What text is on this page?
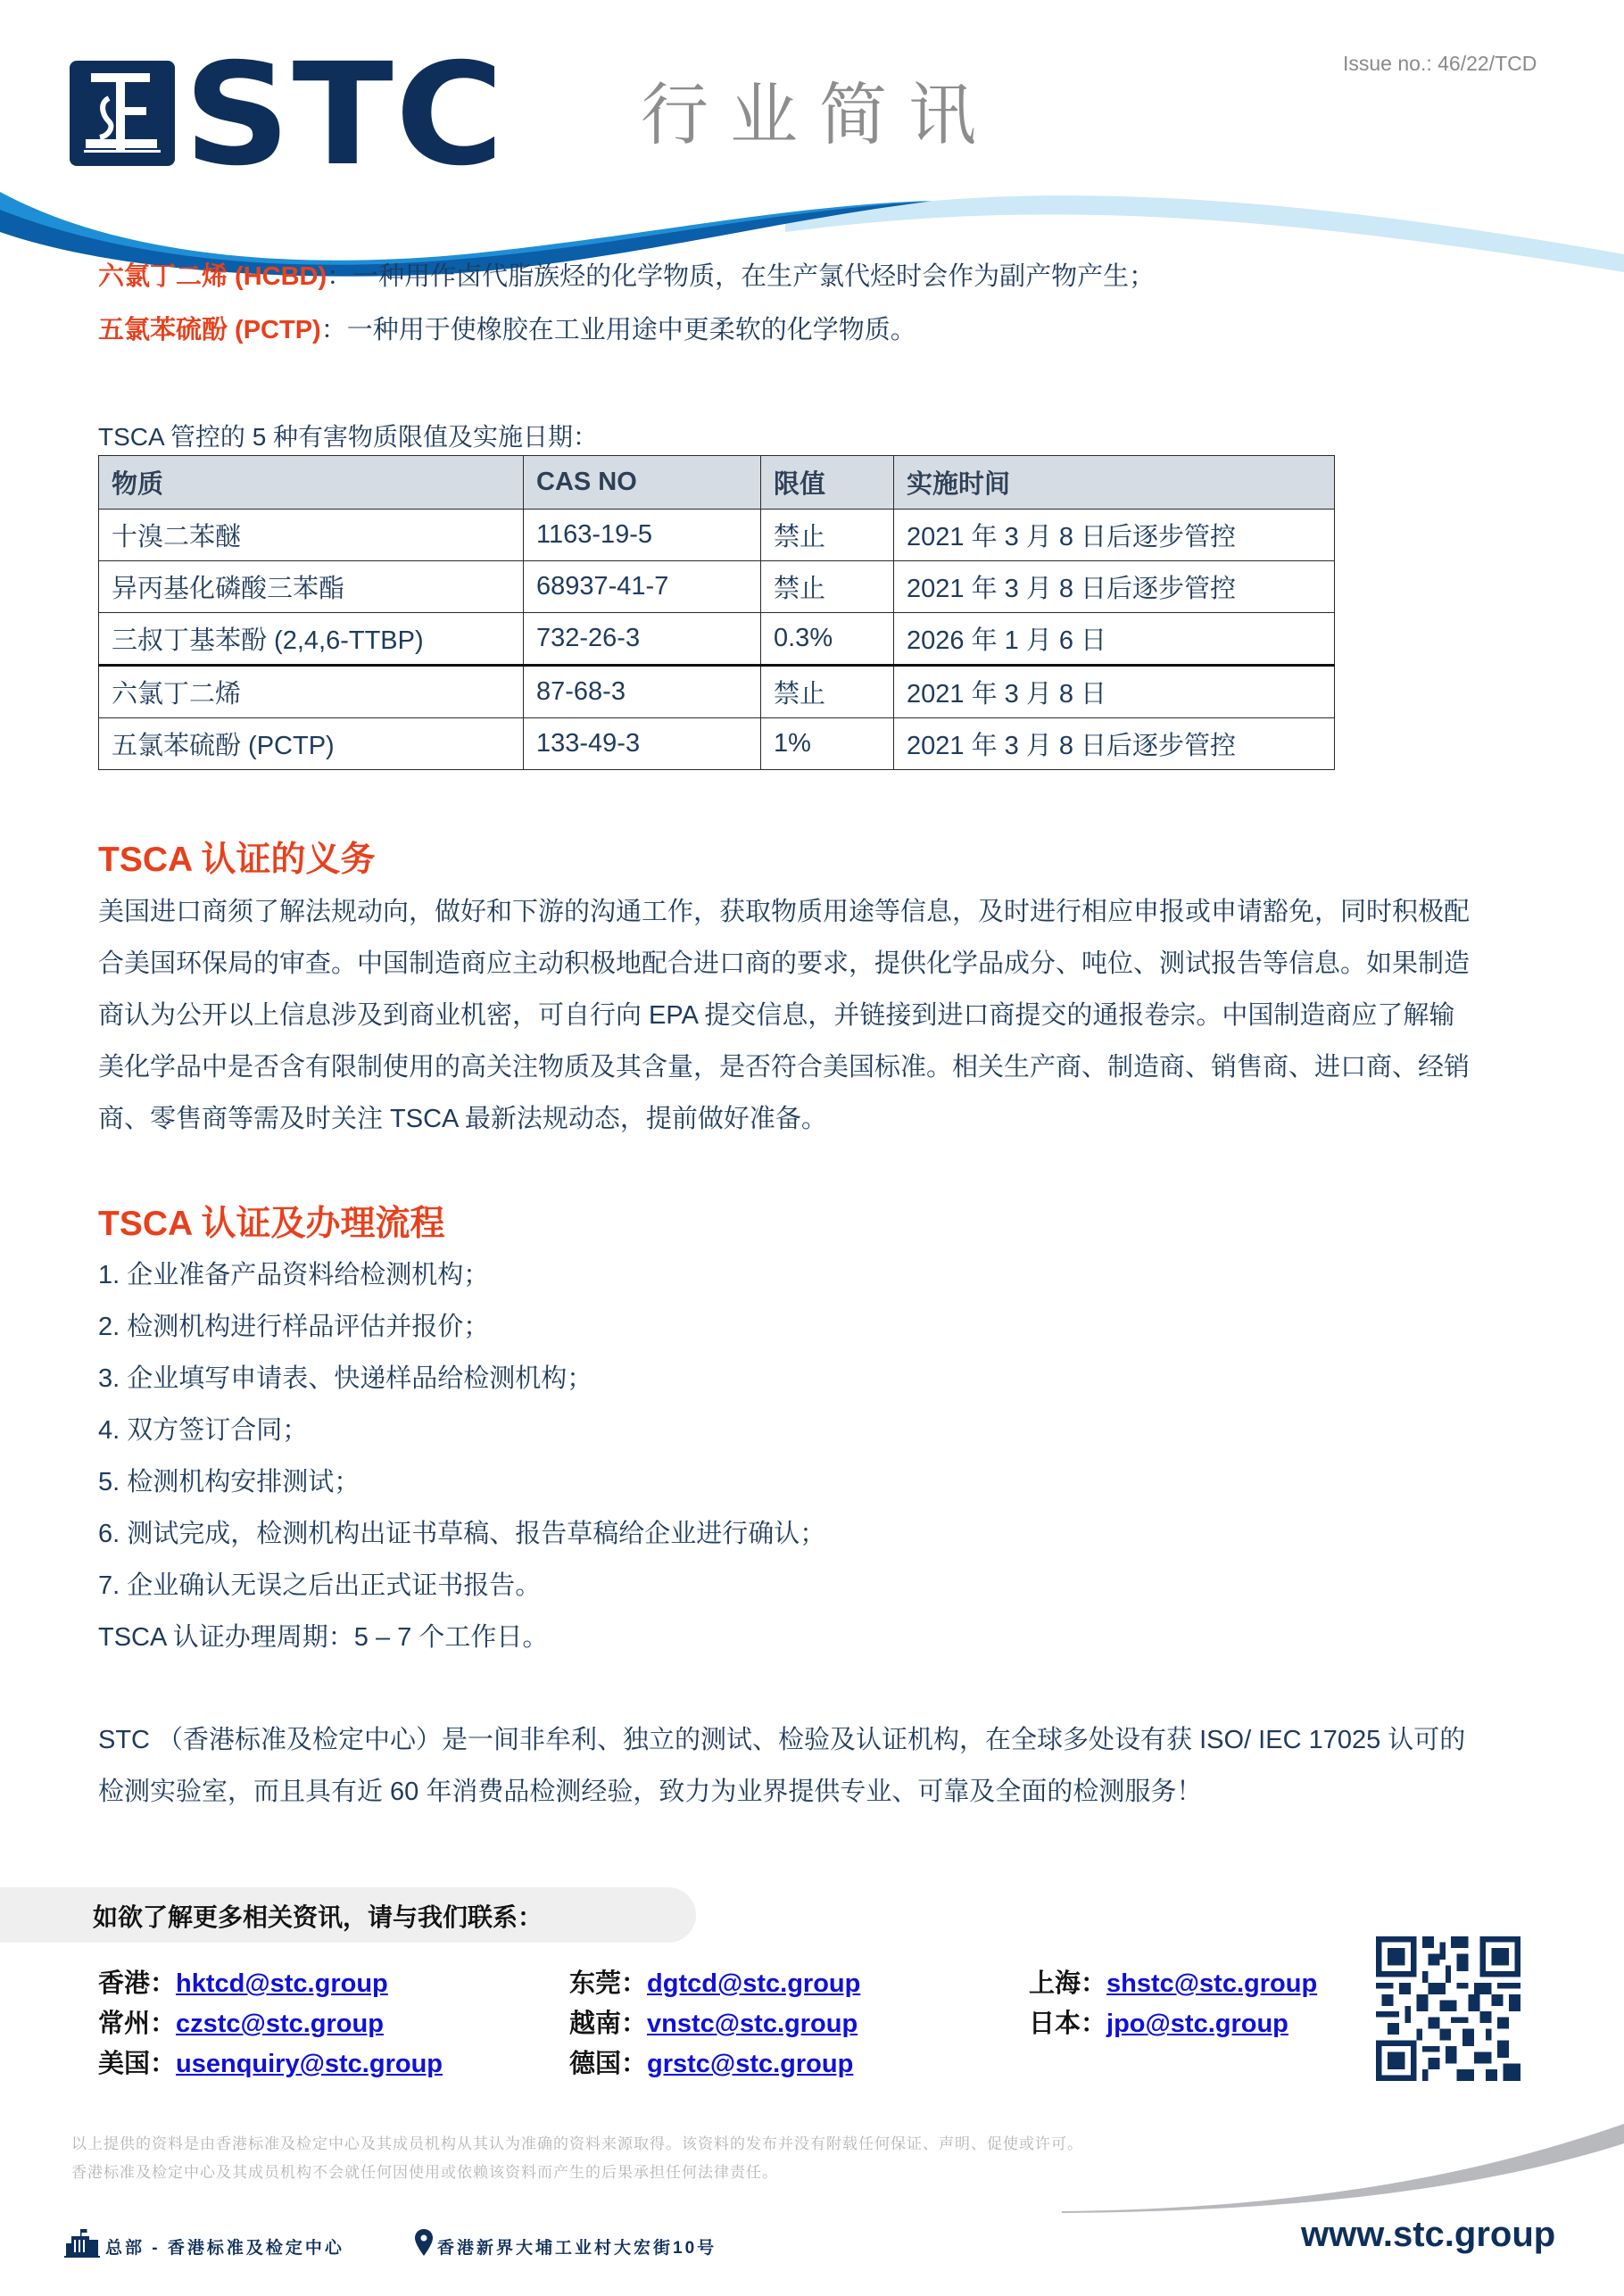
STC 行业简讯
Issue no.: 46/22/TCD
六氯丁二烯 (HCBD)：一种用作卤代脂族烃的化学物质，在生产氯代烃时会作为副产物产生；
五氯苯硫酚 (PCTP)：一种用于使橡胶在工业用途中更柔软的化学物质。
TSCA 管控的 5 种有害物质限值及实施日期：
物质	CAS NO	限值	实施时间
十溴二苯醚	1163-19-5	禁止	2021 年 3 月 8 日后逐步管控
异丙基化磷酸三苯酯	68937-41-7	禁止	2021 年 3 月 8 日后逐步管控
三叔丁基苯酚 (2,4,6-TTBP)	732-26-3	0.3%	2026 年 1 月 6 日
六氯丁二烯	87-68-3	禁止	2021 年 3 月 8 日
五氯苯硫酚 (PCTP)	133-49-3	1%	2021 年 3 月 8 日后逐步管控
TSCA 认证的义务
美国进口商须了解法规动向，做好和下游的沟通工作，获取物质用途等信息，及时进行相应申报或申请豁免，同时积极配
合美国环保局的审查。中国制造商应主动积极地配合进口商的要求，提供化学品成分、吨位、测试报告等信息。如果制造
商认为公开以上信息涉及到商业机密，可自行向 EPA 提交信息，并链接到进口商提交的通报卷宗。中国制造商应了解输
美化学品中是否含有限制使用的高关注物质及其含量，是否符合美国标准。相关生产商、制造商、销售商、进口商、经销
商、零售商等需及时关注 TSCA 最新法规动态，提前做好准备。
TSCA 认证及办理流程
1. 企业准备产品资料给检测机构；
2. 检测机构进行样品评估并报价；
3. 企业填写申请表、快递样品给检测机构；
4. 双方签订合同；
5. 检测机构安排测试；
6. 测试完成，检测机构出证书草稿、报告草稿给企业进行确认；
7. 企业确认无误之后出正式证书报告。
TSCA 认证办理周期：5 – 7 个工作日。
STC （香港标准及检定中心）是一间非牟利、独立的测试、检验及认证机构，在全球多处设有获 ISO/ IEC 17025 认可的
检测实验室，而且具有近 60 年消费品检测经验，致力为业界提供专业、可靠及全面的检测服务！
如欲了解更多相关资讯，请与我们联系：
香港：hktcd@stc.group
常州：czstc@stc.group
美国：usenquiry@stc.group
东莞：dgtcd@stc.group
越南：vnstc@stc.group
德国：grstc@stc.group
上海：shstc@stc.group
日本：jpo@stc.group
以上提供的资料是由香港标准及检定中心及其成员机构从其认为准确的资料来源取得。该资料的发布并没有附载任何保证、声明、促使或许可。
香港标准及检定中心及其成员机构不会就任何因使用或依赖该资料而产生的后果承担任何法律责任。
总部 - 香港标准及检定中心	香港新界大埔工业村大宏街10号	www.stc.group
